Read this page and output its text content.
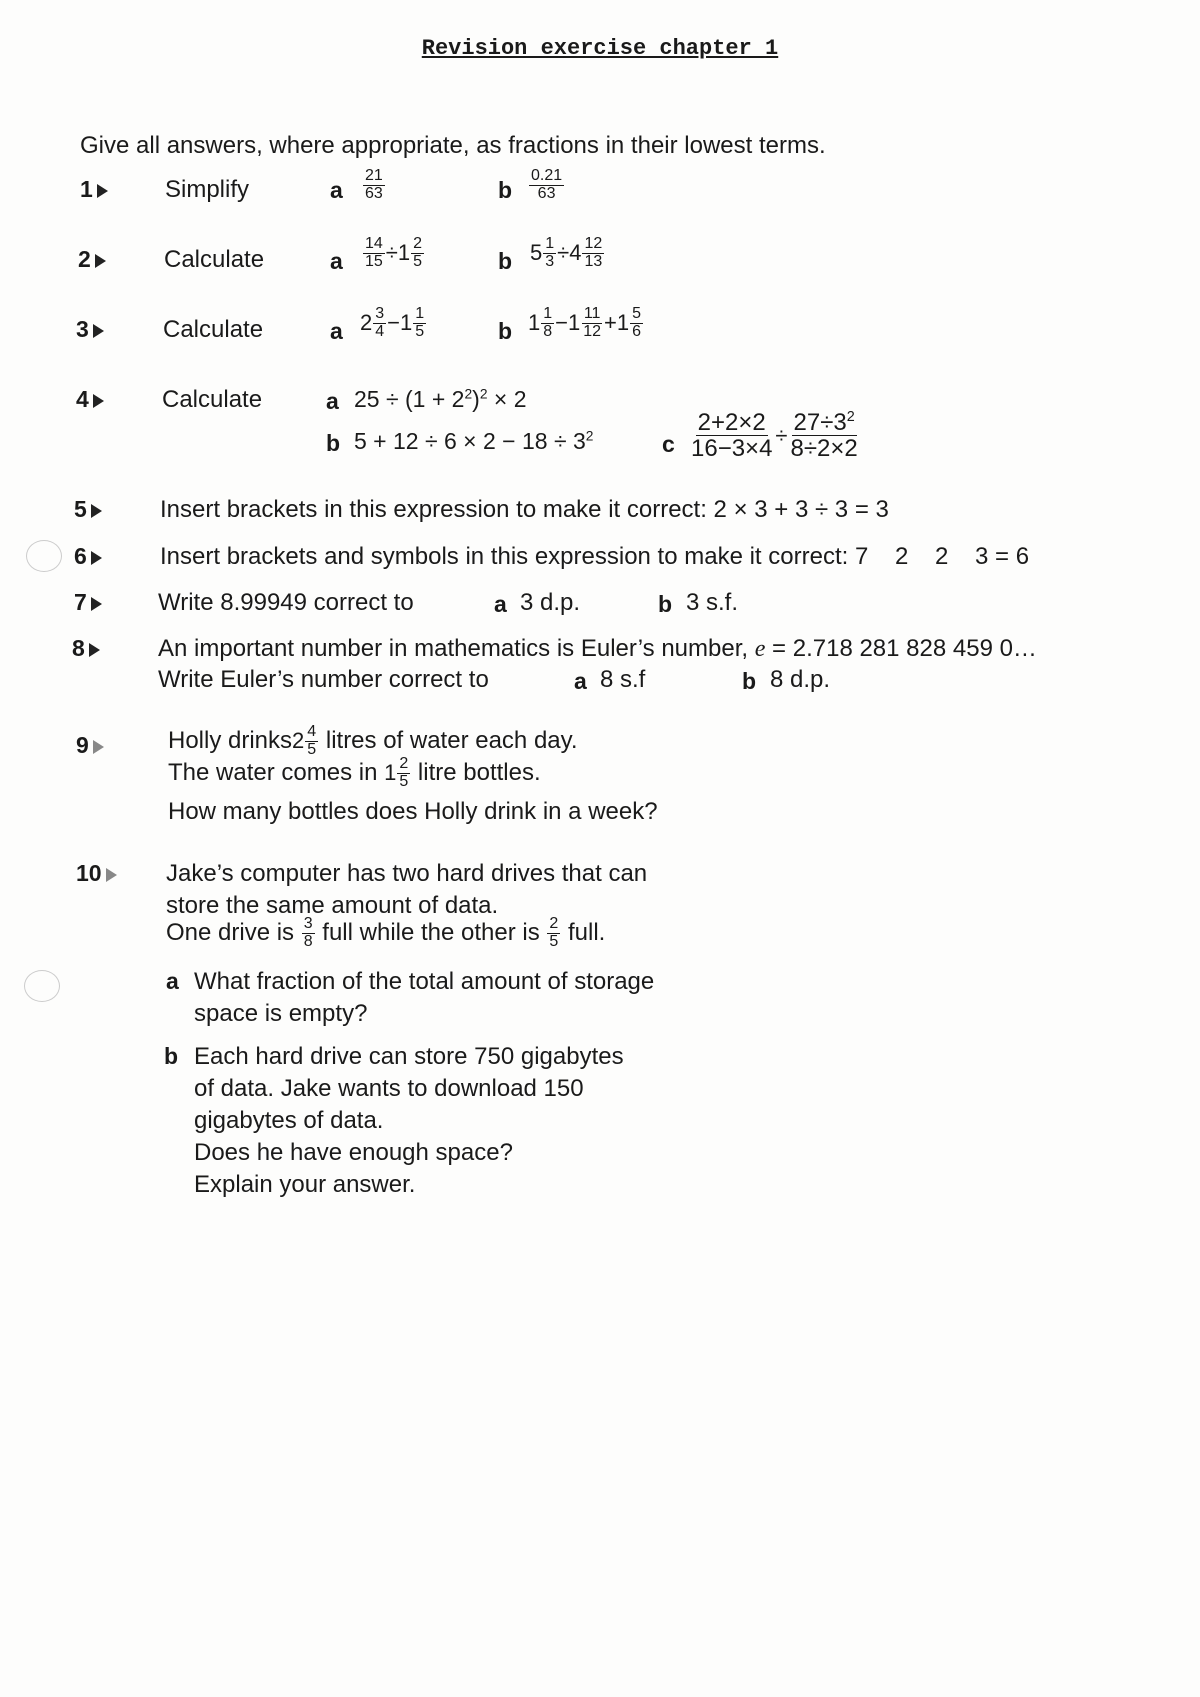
Revision exercise chapter 1
Give all answers, where appropriate, as fractions in their lowest terms.
1	Simplify	a $\frac{21}{63}$	b $\frac{0.21}{63}$
2	Calculate	a $\frac{14}{15} \div 1 \frac{2}{5}$	b $5 \frac{1}{3} \div 4 \frac{12}{13}$
3	Calculate	a $2 \frac{3}{4} -1 \frac{1}{5}$	b $1 \frac{1}{8} -1 \frac{11}{12} +1 \frac{5}{6}$
4	Calculate	a $25 \div (1 + 2^2)^2 \times 2$
b $5 + 12 \div 6 \times 2 - 18 \div 3^2$	c $\frac{2+2\times 2}{16-3\times 4} \div \frac{27\div 3^2}{8\div 2\times 2}$
5	Insert brackets in this expression to make it correct: 2 × 3 + 3 ÷ 3 = 3
6	Insert brackets and symbols in this expression to make it correct: 7    2    2    3 = 6
7	Write 8.99949 correct to	a 3 d.p.	b 3 s.f.
8	An important number in mathematics is Euler’s number, e = 2.718 281 828 459 0…
Write Euler’s number correct to	a 8 s.f	b 8 d.p.
9	Holly drinks $2 \frac{4}{5}$ litres of water each day.
The water comes in $1 \frac{2}{5}$ litre bottles.
How many bottles does Holly drink in a week?
10	Jake’s computer has two hard drives that can
store the same amount of data.
One drive is $\frac{3}{8}$ full while the other is $\frac{2}{5}$ full.
a What fraction of the total amount of storage
space is empty?
b Each hard drive can store 750 gigabytes
of data. Jake wants to download 150
gigabytes of data.
Does he have enough space?
Explain your answer.
